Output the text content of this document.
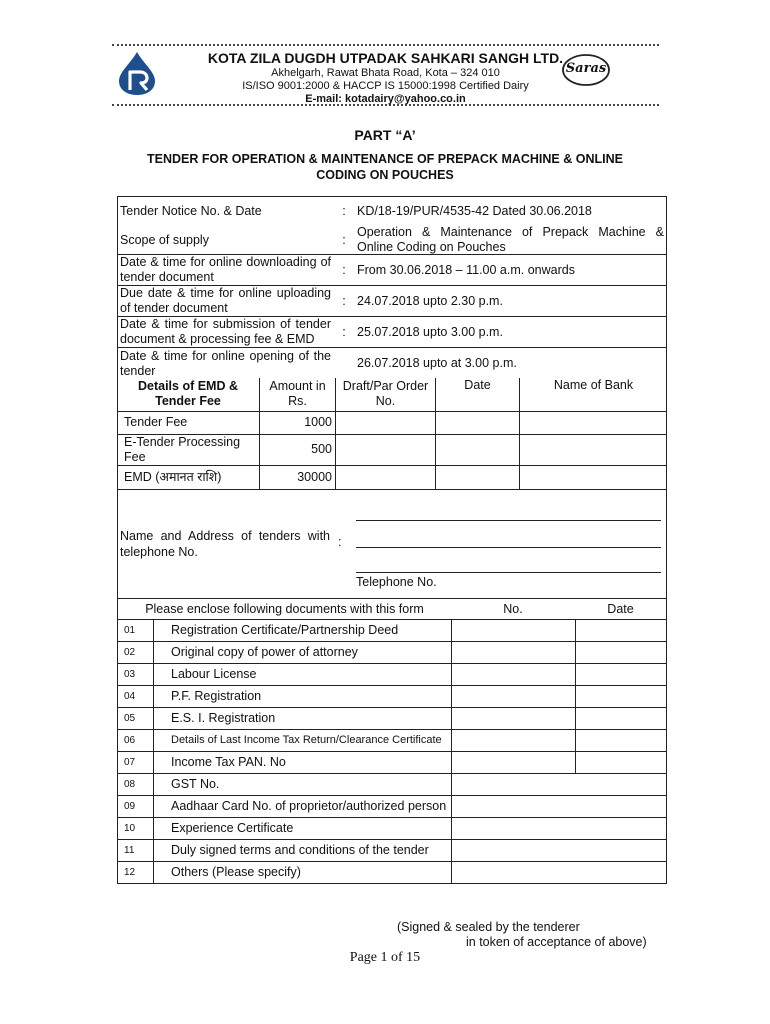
KOTA ZILA DUGDH UTPADAK SAHKARI SANGH LTD.
Akhelgarh, Rawat Bhata Road, Kota – 324 010
IS/ISO 9001:2000 & HACCP IS 15000:1998 Certified Dairy
E-mail: kotadairy@yahoo.co.in
Saras
PART “A’
TENDER FOR OPERATION & MAINTENANCE OF PREPACK MACHINE & ONLINE
CODING ON POUCHES
Tender Notice No. & Date	:	KD/18-19/PUR/4535-42 Dated 30.06.2018
Scope of supply	:	Operation & Maintenance of Prepack Machine & Online Coding on Pouches
Date & time for online downloading of tender document	:	From 30.06.2018 – 11.00 a.m. onwards
Due date & time for online uploading of tender document	:	24.07.2018 upto 2.30 p.m.
Date & time for submission of tender document & processing fee & EMD	:	25.07.2018 upto 3.00 p.m.
Date & time for online opening of the tender		26.07.2018 upto at 3.00 p.m.
Details of EMD & Tender Fee	Amount in Rs.	Draft/Par Order No.	Date	Name of Bank
Tender Fee	1000			
E-Tender Processing Fee	500			
EMD (अमानत राशि)	30000			
Name and Address of tenders with telephone No.
:
Telephone No.
Please enclose following documents with this form		No.	Date
01	Registration Certificate/Partnership Deed		
02	Original copy of power of attorney		
03	Labour License		
04	P.F. Registration		
05	E.S. I. Registration		
06	Details of Last Income Tax Return/Clearance Certificate		
07	Income Tax PAN. No		
08	GST No.		
09	Aadhaar Card No. of proprietor/authorized person		
10	Experience Certificate		
11	Duly signed terms and conditions of the tender		
12	Others (Please specify)		
(Signed & sealed by the tenderer
in token of acceptance of above)
Page 1 of 15
